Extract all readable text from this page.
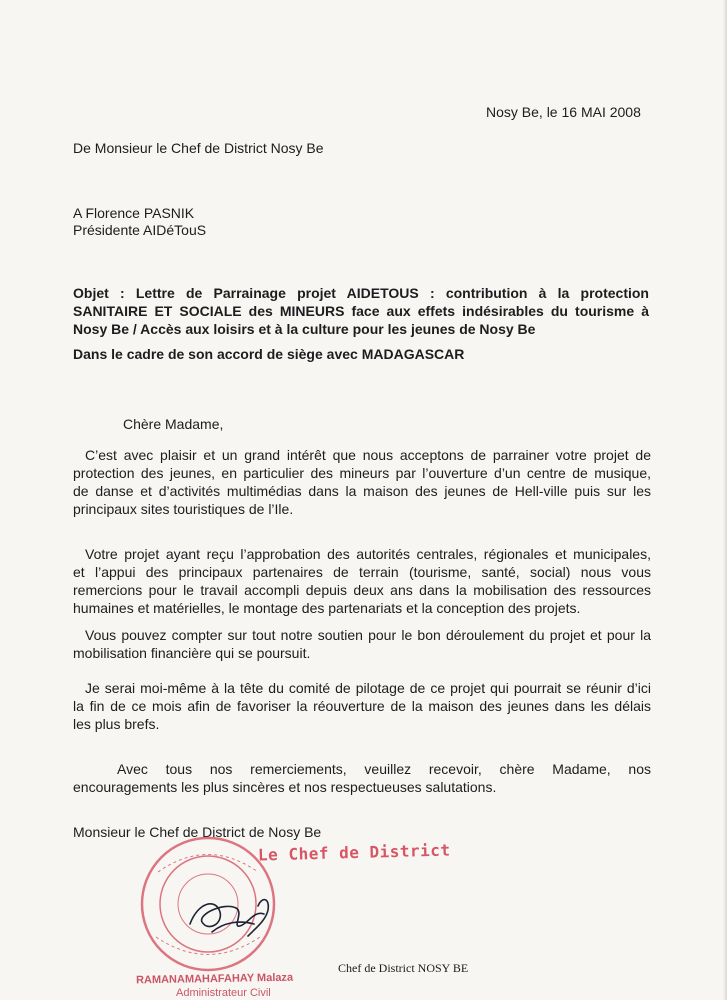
Nosy Be, le 16 MAI 2008

De Monsieur le Chef de District Nosy Be

A Florence PASNIK
Présidente AIDéTouS
Objet : Lettre de Parrainage projet AIDETOUS : contribution à la protection
SANITAIRE ET SOCIALE des MINEURS face aux effets indésirables du tourisme à
Nosy Be / Accès aux loisirs et à la culture pour les jeunes de Nosy Be

Dans le cadre de son accord de siège avec MADAGASCAR

Chère Madame,

C’est avec plaisir et un grand intérêt que nous acceptons de parrainer votre projet de
protection des jeunes, en particulier des mineurs par l’ouverture d’un centre de musique,
de danse et d’activités multimédias dans la maison des jeunes de Hell-ville puis sur les
principaux sites touristiques de l’Ile.
Votre projet ayant reçu l’approbation des autorités centrales, régionales et municipales,
et l’appui des principaux partenaires de terrain (tourisme, santé, social) nous vous
remercions pour le travail accompli depuis deux ans dans la mobilisation des ressources
humaines et matérielles, le montage des partenariats et la conception des projets.
Vous pouvez compter sur tout notre soutien pour le bon déroulement du projet et pour la
mobilisation financière qui se poursuit.
Je serai moi-même à la tête du comité de pilotage de ce projet qui pourrait se réunir d’ici
la fin de ce mois afin de favoriser la réouverture de la maison des jeunes dans les délais
les plus brefs.
Avec tous nos remerciements, veuillez recevoir, chère Madame, nos
encouragements les plus sincères et nos respectueuses salutations.

Monsieur le Chef de District de Nosy Be

Le Chef de District

Chef de District NOSY BE

RAMANAMAHAFAHAY Malaza
Administrateur Civil
